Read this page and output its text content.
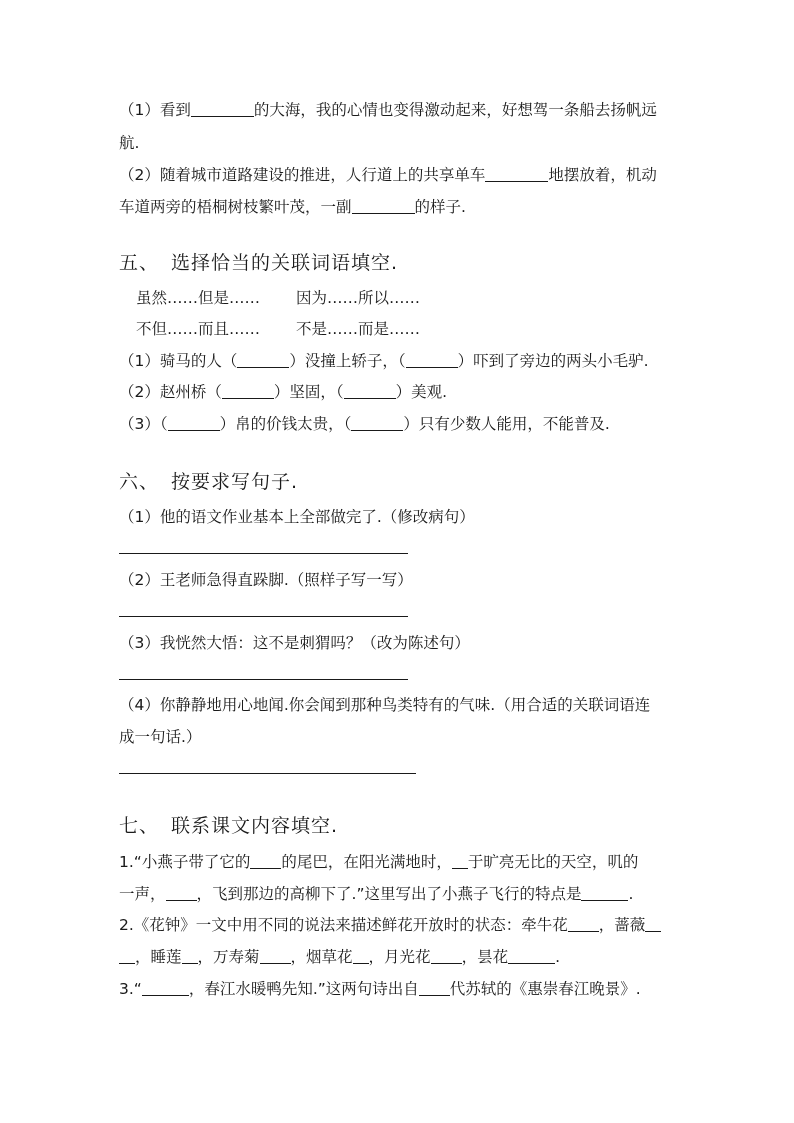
（1）看到	的大海，我的心情也变得激动起来，好想驾一条船去扬帆远
航.
（2）随着城市道路建设的推进，人行道上的共享单车	地摆放着，机动
车道两旁的梧桐树枝繁叶茂，一副	的样子.
五、 选择恰当的关联词语填空.
虽然……但是…… 因为……所以……
不但……而且…… 不是……而是……
（1）骑马的人（	）没撞上轿子，（	）吓到了旁边的两头小毛驴.
（2）赵州桥（	）坚固，（	）美观.
（3）（	）帛的价钱太贵，（	）只有少数人能用，不能普及.
六、 按要求写句子.
（1）他的语文作业基本上全部做完了.（修改病句）
（2）王老师急得直跺脚.（照样子写一写）
（3）我恍然大悟：这不是刺猬吗？（改为陈述句）
（4）你静静地用心地闻.你会闻到那种鸟类特有的气味.（用合适的关联词语连
成一句话.）
七、 联系课文内容填空.
1.“小燕子带了它的 的尾巴，在阳光满地时， 于旷亮无比的天空，叽的
一声， ，飞到那边的高柳下了.”这里写出了小燕子飞行的特点是	.
2.《花钟》一文中用不同的说法来描述鲜花开放时的状态：牵牛花 ，蔷薇
，睡莲 ，万寿菊 ，烟草花 ，月光花 ，昙花	.
3.“	，春江水暖鸭先知.”这两句诗出自 代苏轼的《惠崇春江晚景》.
